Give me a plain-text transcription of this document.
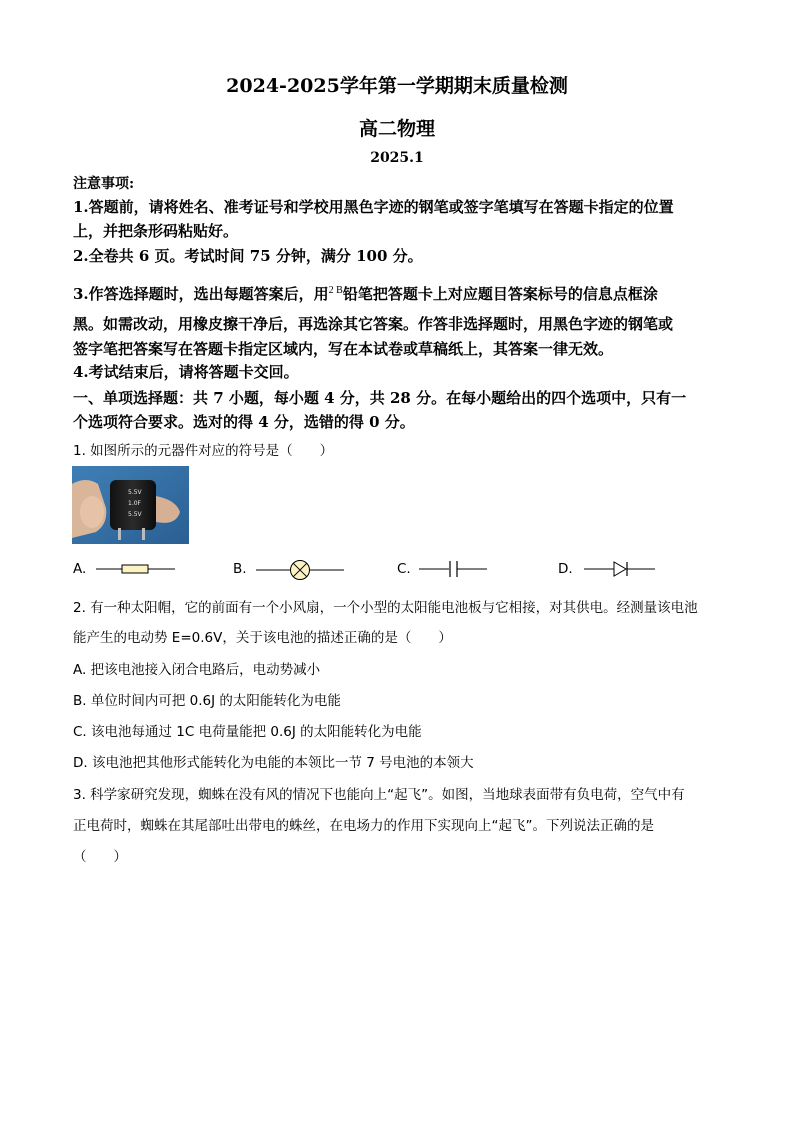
2024-2025学年第一学期期末质量检测
高二物理
2025.1
注意事项:
1.答题前，请将姓名、准考证号和学校用黑色字迹的钢笔或签字笔填写在答题卡指定的位置
上，并把条形码粘贴好。
2.全卷共 6 页。考试时间 75 分钟，满分 100 分。
3.作答选择题时，选出每题答案后，用$^{2 B}$铅笔把答题卡上对应题目答案标号的信息点框涂
黑。如需改动，用橡皮擦干净后，再选涂其它答案。作答非选择题时，用黑色字迹的钢笔或
签字笔把答案写在答题卡指定区域内，写在本试卷或草稿纸上，其答案一律无效。
4.考试结束后，请将答题卡交回。
一、单项选择题：共 7 小题，每小题 4 分，共 28 分。在每小题给出的四个选项中，只有一
个选项符合要求。选对的得 4 分，选错的得 0 分。
1. 如图所示的元器件对应的符号是（　　）
5.5V
1.0F
5.5V
A.	B.	C.	D.
2. 有一种太阳帽，它的前面有一个小风扇，一个小型的太阳能电池板与它相接，对其供电。经测量该电池
能产生的电动势 E=0.6V，关于该电池的描述正确的是（　　）
A. 把该电池接入闭合电路后，电动势减小
B. 单位时间内可把 0.6J 的太阳能转化为电能
C. 该电池每通过 1C 电荷量能把 0.6J 的太阳能转化为电能
D. 该电池把其他形式能转化为电能的本领比一节 7 号电池的本领大
3. 科学家研究发现，蜘蛛在没有风的情况下也能向上“起飞”。如图，当地球表面带有负电荷，空气中有
正电荷时，蜘蛛在其尾部吐出带电的蛛丝，在电场力的作用下实现向上“起飞”。下列说法正确的是
（　　）
